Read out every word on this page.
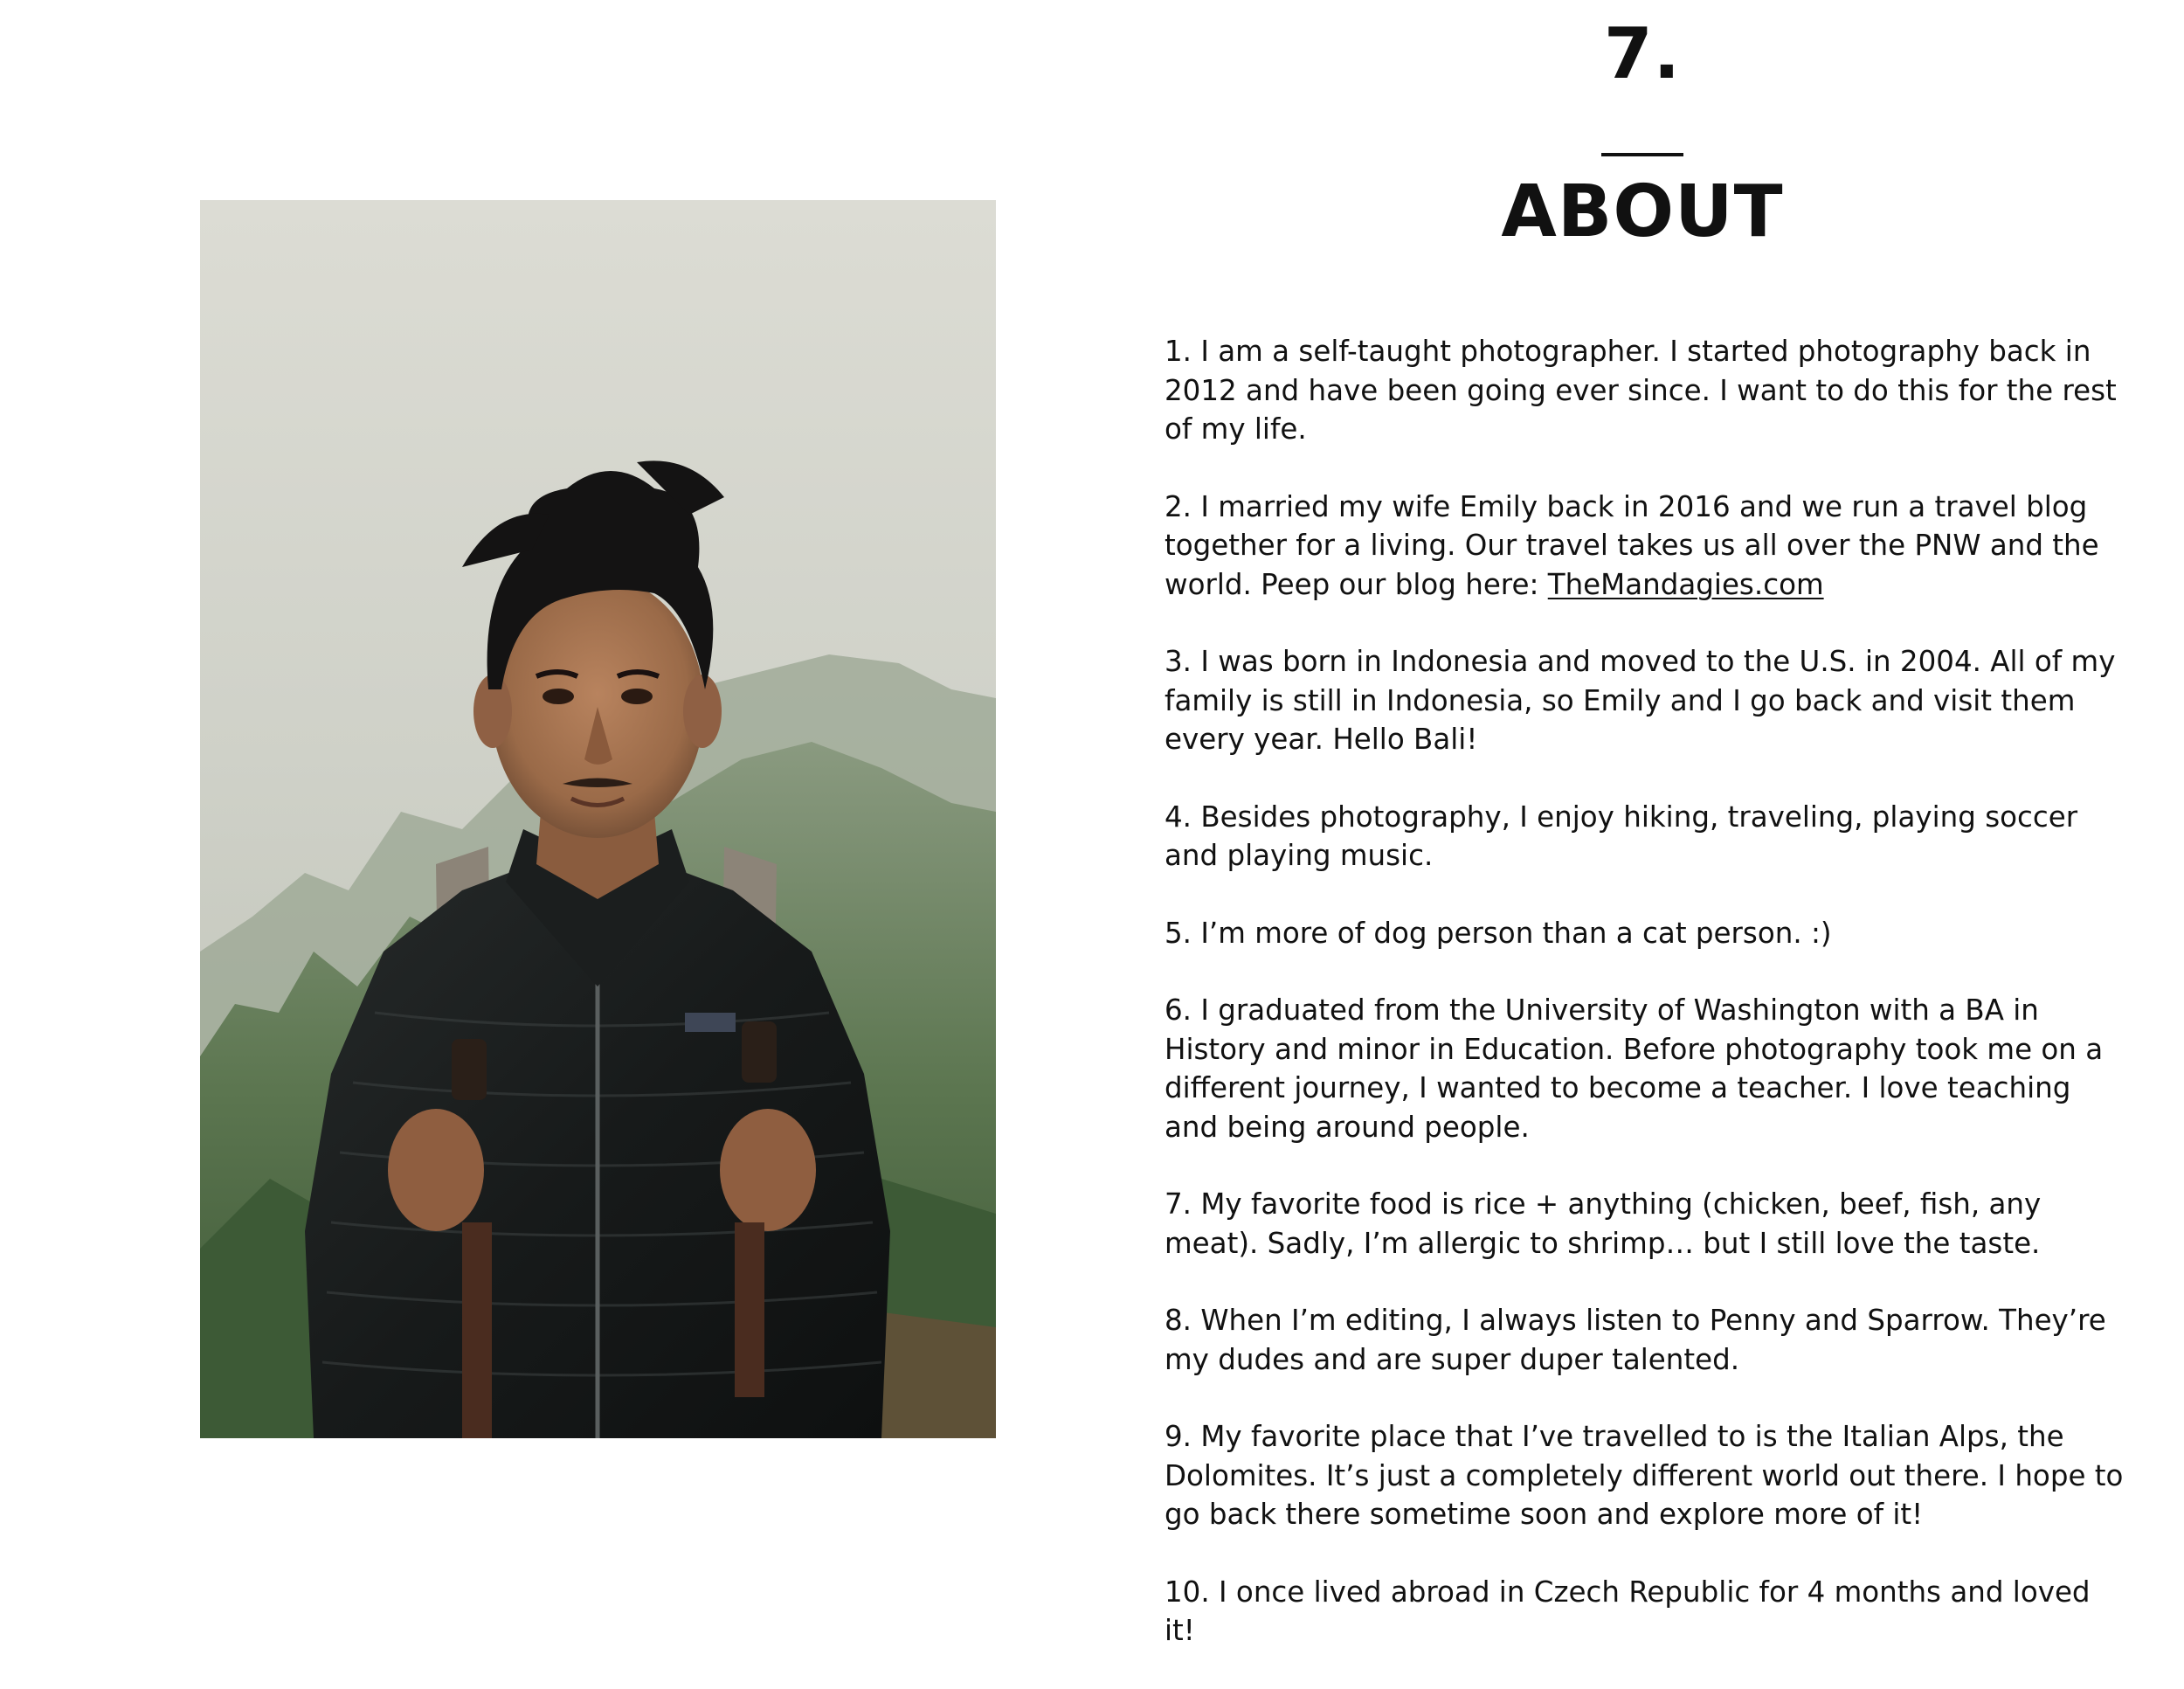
7.
ABOUT
1. I am a self-taught photographer. I started photography back in 2012 and have been going ever since. I want to do this for the rest of my life.
2. I married my wife Emily back in 2016 and we run a travel blog together for a living. Our travel takes us all over the PNW and the world. Peep our blog here: TheMandagies.com
3. I was born in Indonesia and moved to the U.S. in 2004. All of my family is still in Indonesia, so Emily and I go back and visit them every year. Hello Bali!
4. Besides photography, I enjoy hiking, traveling, playing soccer and playing music.
5. I’m more of dog person than a cat person. :)
6. I graduated from the University of Washington with a BA in History and minor in Education. Before photography took me on a different journey, I wanted to become a teacher. I love teaching and being around people.
7. My favorite food is rice + anything (chicken, beef, fish, any meat). Sadly, I’m allergic to shrimp… but I still love the taste.
8. When I’m editing, I always listen to Penny and Sparrow. They’re my dudes and are super duper talented.
9. My favorite place that I’ve travelled to is the Italian Alps, the Dolomites. It’s just a completely different world out there. I hope to go back there sometime soon and explore more of it!
10. I once lived abroad in Czech Republic for 4 months and loved it!
